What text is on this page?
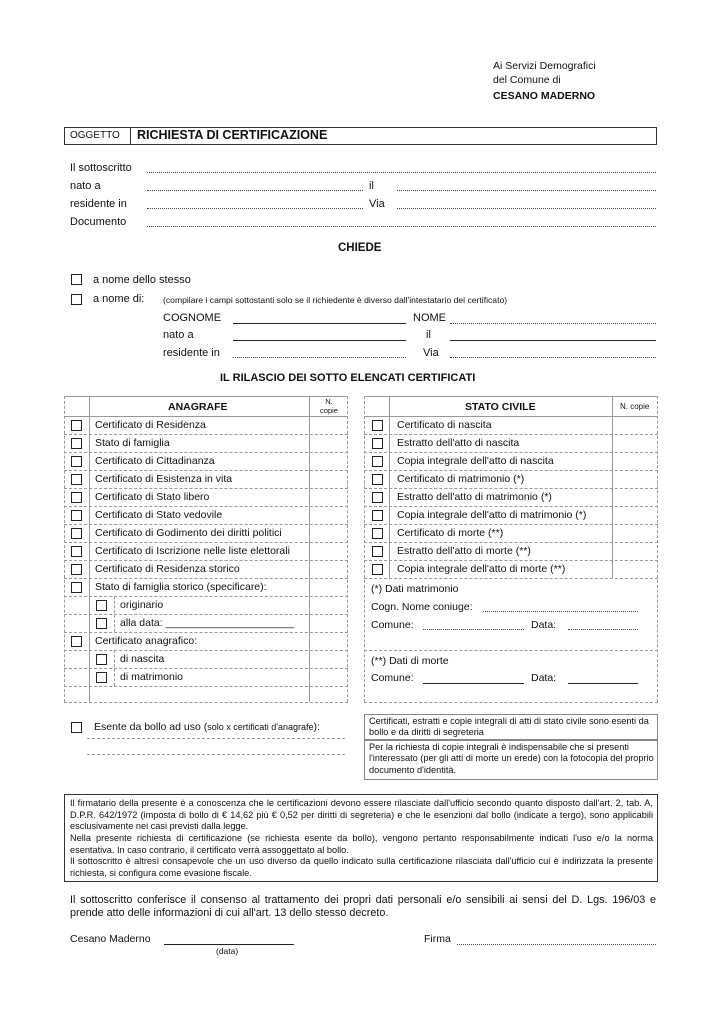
Ai Servizi Demografici
del Comune di
CESANO MADERNO
OGGETTO RICHIESTA DI CERTIFICAZIONE
Il sottoscritto
nato a	il
residente in	Via
Documento
CHIEDE
a nome dello stesso
a nome di: (compilare i campi sottostanti solo se il richiedente è diverso dall'intestatario del certificato)
COGNOME	NOME
nato a	il
residente in	Via
IL RILASCIO DEI SOTTO ELENCATI CERTIFICATI
ANAGRAFE	N. copie
Certificato di Residenza
Stato di famiglia
Certificato di Cittadinanza
Certificato di Esistenza in vita
Certificato di Stato libero
Certificato di Stato vedovile
Certificato di Godimento dei diritti politici
Certificato di Iscrizione nelle liste elettorali
Certificato di Residenza storico
Stato di famiglia storico (specificare):
originario
alla data: ______________________
Certificato anagrafico:
di nascita
di matrimonio
STATO CIVILE	N. copie
Certificato di nascita
Estratto dell'atto di nascita
Copia integrale dell'atto di nascita
Certificato di matrimonio (*)
Estratto dell'atto di matrimonio (*)
Copia integrale dell'atto di matrimonio (*)
Certificato di morte (**)
Estratto dell'atto di morte (**)
Copia integrale dell'atto di morte (**)
(*) Dati matrimonio
Cogn. Nome coniuge:
Comune:	Data:
(**) Dati di morte
Comune:	Data:
Esente da bollo ad uso (solo x certificati d'anagrafe):	Certificati, estratti e copie integrali di atti di stato civile sono esenti da bollo e da diritti di segreteria
Per la richiesta di copie integrali è indispensabile che si presenti l'interessato (per gli atti di morte un erede) con la fotocopia del proprio documento d'identità.
Il firmatario della presente è a conoscenza che le certificazioni devono essere rilasciate dall'ufficio secondo quanto disposto dall'art. 2, tab. A, D.P.R. 642/1972 (imposta di bollo di € 14,62 più € 0,52 per diritti di segreteria) e che le esenzioni dal bollo (indicate a tergo), sono applicabili esclusivamente nei casi previsti dalla legge.
Nella presente richiesta di certificazione (se richiesta esente da bollo), vengono pertanto responsabilmente indicati l'uso e/o la norma esentativa. In caso contrario, il certificato verrà assoggettato al bollo.
Il sottoscritto è altresì consapevole che un uso diverso da quello indicato sulla certificazione rilasciata dall'ufficio cui è indirizzata la presente richiesta, si configura come evasione fiscale.
Il sottoscritto conferisce il consenso al trattamento dei propri dati personali e/o sensibili ai sensi del D. Lgs. 196/03 e prende atto delle informazioni di cui all'art. 13 dello stesso decreto.
Cesano Maderno
(data)
Firma
